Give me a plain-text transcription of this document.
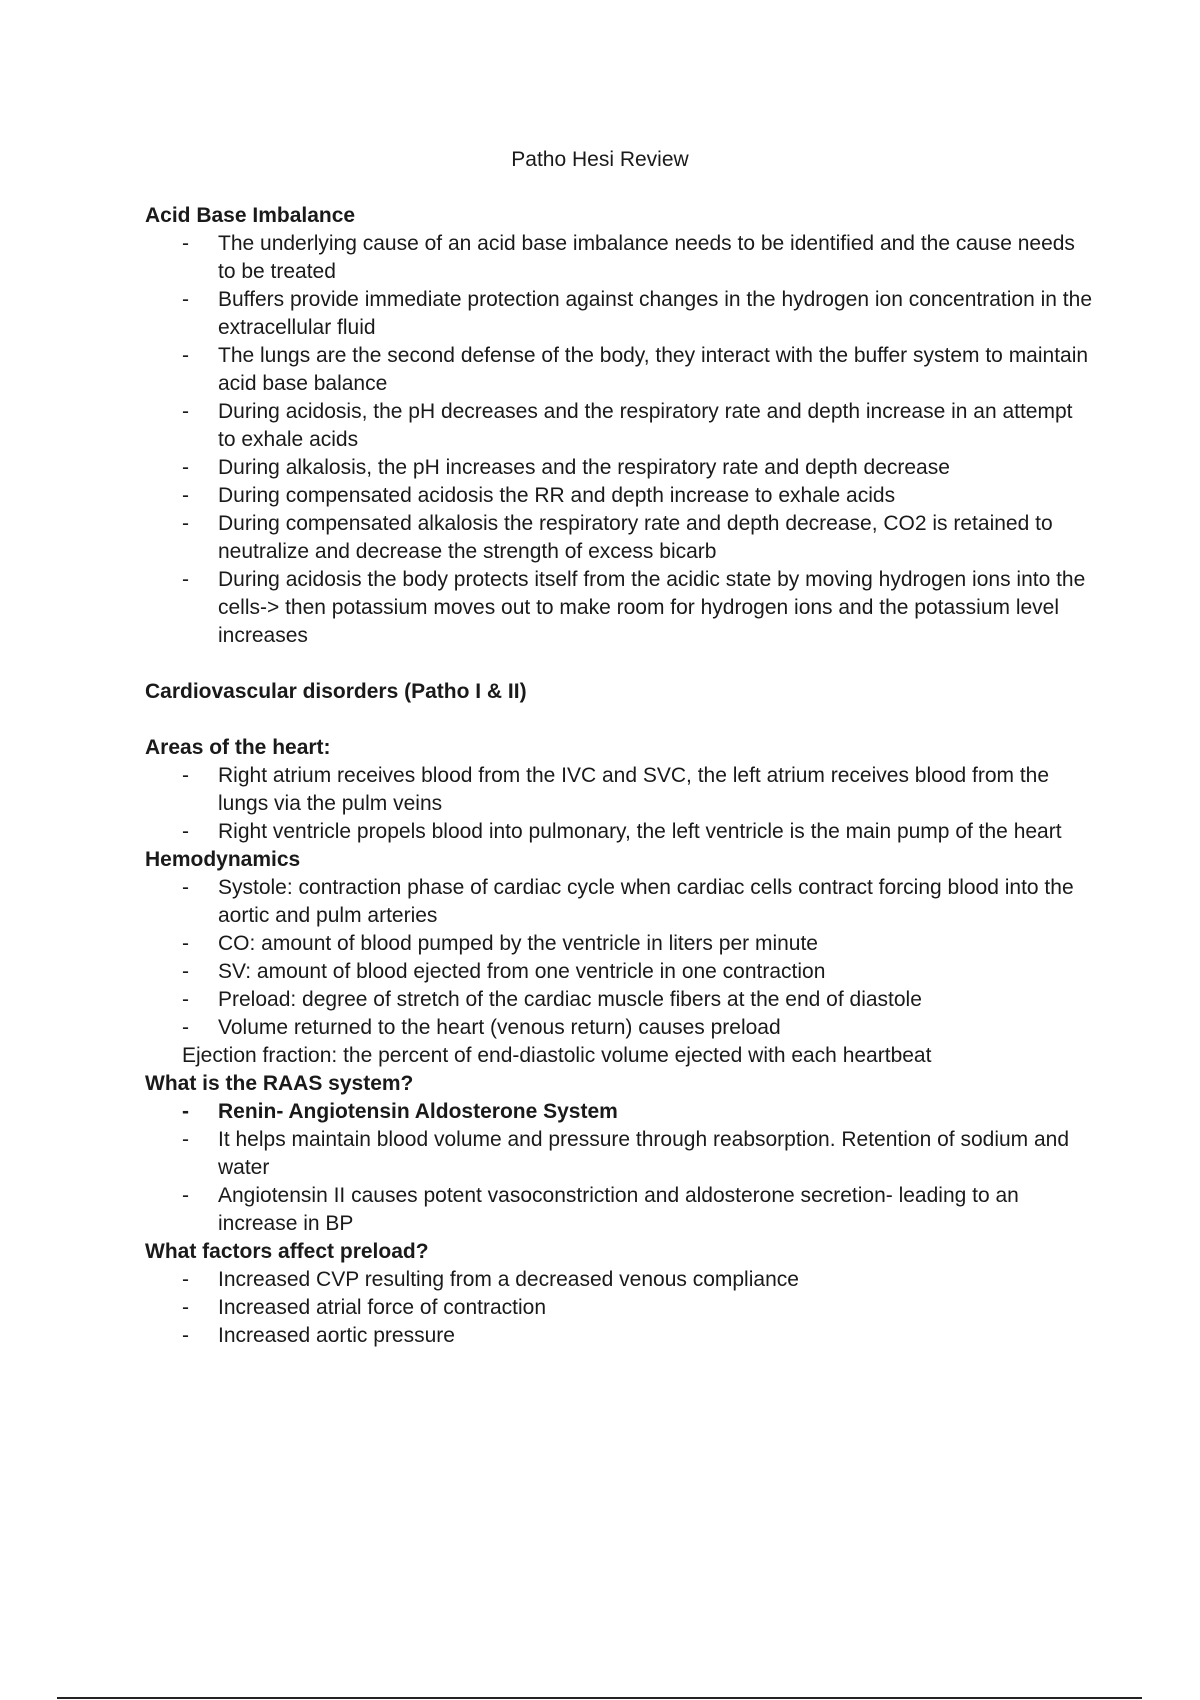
Patho Hesi Review

Acid Base Imbalance

- The underlying cause of an acid base imbalance needs to be identified and the cause needs to be treated
- Buffers provide immediate protection against changes in the hydrogen ion concentration in the extracellular fluid
- The lungs are the second defense of the body, they interact with the buffer system to maintain acid base balance
- During acidosis, the pH decreases and the respiratory rate and depth increase in an attempt to exhale acids
- During alkalosis, the pH increases and the respiratory rate and depth decrease
- During compensated acidosis the RR and depth increase to exhale acids
- During compensated alkalosis the respiratory rate and depth decrease, CO2 is retained to neutralize and decrease the strength of excess bicarb
- During acidosis the body protects itself from the acidic state by moving hydrogen ions into the cells-> then potassium moves out to make room for hydrogen ions and the potassium level increases

Cardiovascular disorders (Patho I & II)

Areas of the heart:

- Right atrium receives blood from the IVC and SVC, the left atrium receives blood from the lungs via the pulm veins
- Right ventricle propels blood into pulmonary, the left ventricle is the main pump of the heart

Hemodynamics

- Systole: contraction phase of cardiac cycle when cardiac cells contract forcing blood into the aortic and pulm arteries
- CO: amount of blood pumped by the ventricle in liters per minute
- SV: amount of blood ejected from one ventricle in one contraction
- Preload: degree of stretch of the cardiac muscle fibers at the end of diastole
- Volume returned to the heart (venous return) causes preload

Ejection fraction: the percent of end-diastolic volume ejected with each heartbeat

What is the RAAS system?

- Renin- Angiotensin Aldosterone System
- It helps maintain blood volume and pressure through reabsorption. Retention of sodium and water
- Angiotensin II causes potent vasoconstriction and aldosterone secretion- leading to an increase in BP

What factors affect preload?

- Increased CVP resulting from a decreased venous compliance
- Increased atrial force of contraction
- Increased aortic pressure
